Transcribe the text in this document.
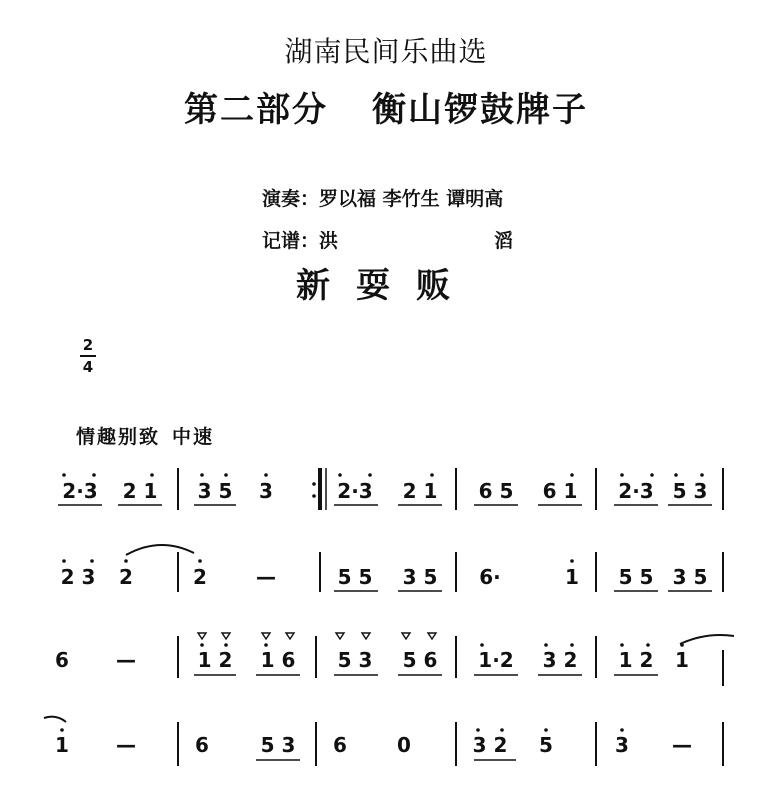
湖南民间乐曲选
第二部分 衡山锣鼓牌子
演奏：罗以福 李竹生 谭明高
记谱：洪	滔
新耍贩
2
4
情趣别致 中速
2·3 2 1 3 5 3	2·3 2 1 6 5 6 1 2·3 5 3
2 3 2	2 —	5 5 3 5 6·	1 5 5 3 5
6 —	1 2 1 6 5 3 5 6 1·2 3 2 1 2 1
1 —	6	5 3 6	0	3 2 5	3 —
